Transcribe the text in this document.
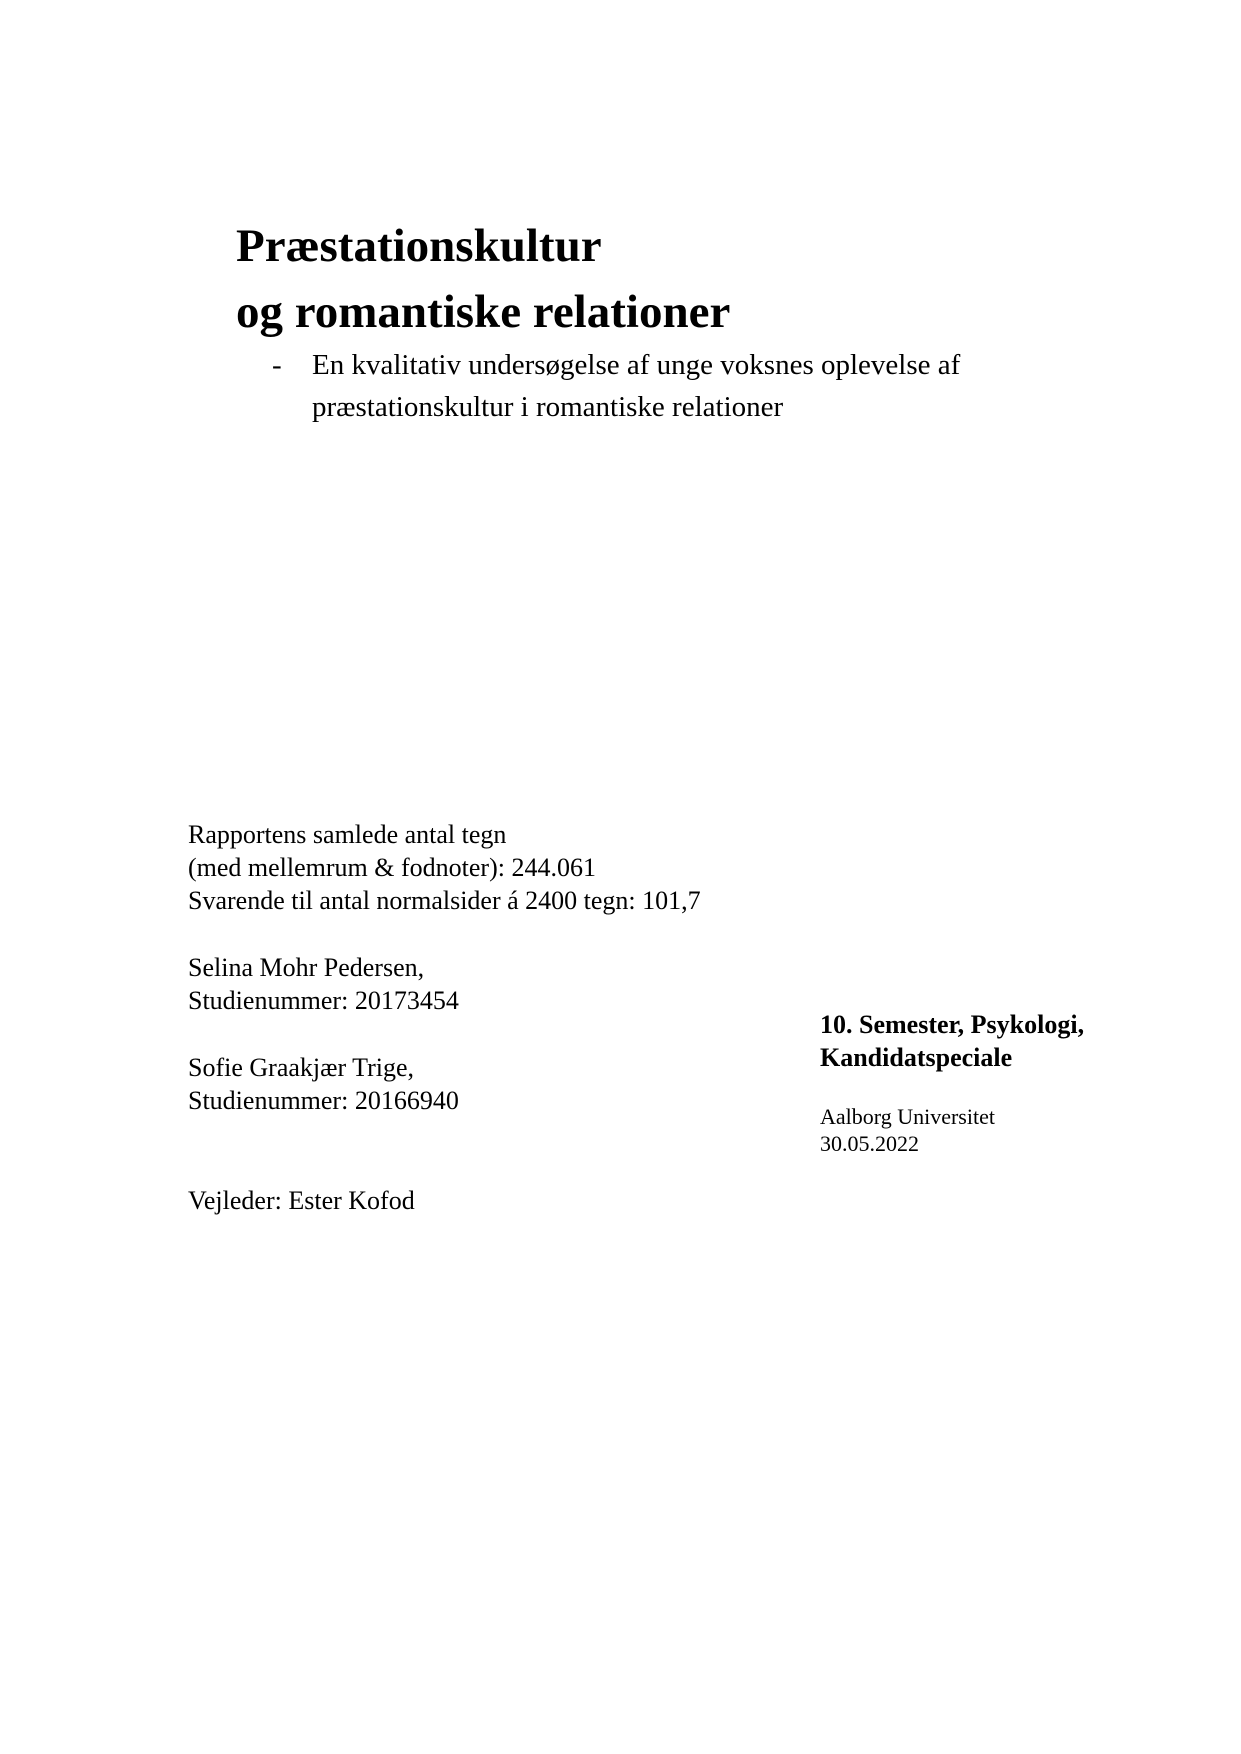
Præstationskultur
og romantiske relationer
- En kvalitativ undersøgelse af unge voksnes oplevelse af
præstationskultur i romantiske relationer
Rapportens samlede antal tegn
(med mellemrum & fodnoter): 244.061
Svarende til antal normalsider á 2400 tegn: 101,7
Selina Mohr Pedersen,
Studienummer: 20173454
Sofie Graakjær Trige,
Studienummer: 20166940
Vejleder: Ester Kofod
10. Semester, Psykologi,
Kandidatspeciale
Aalborg Universitet
30.05.2022
